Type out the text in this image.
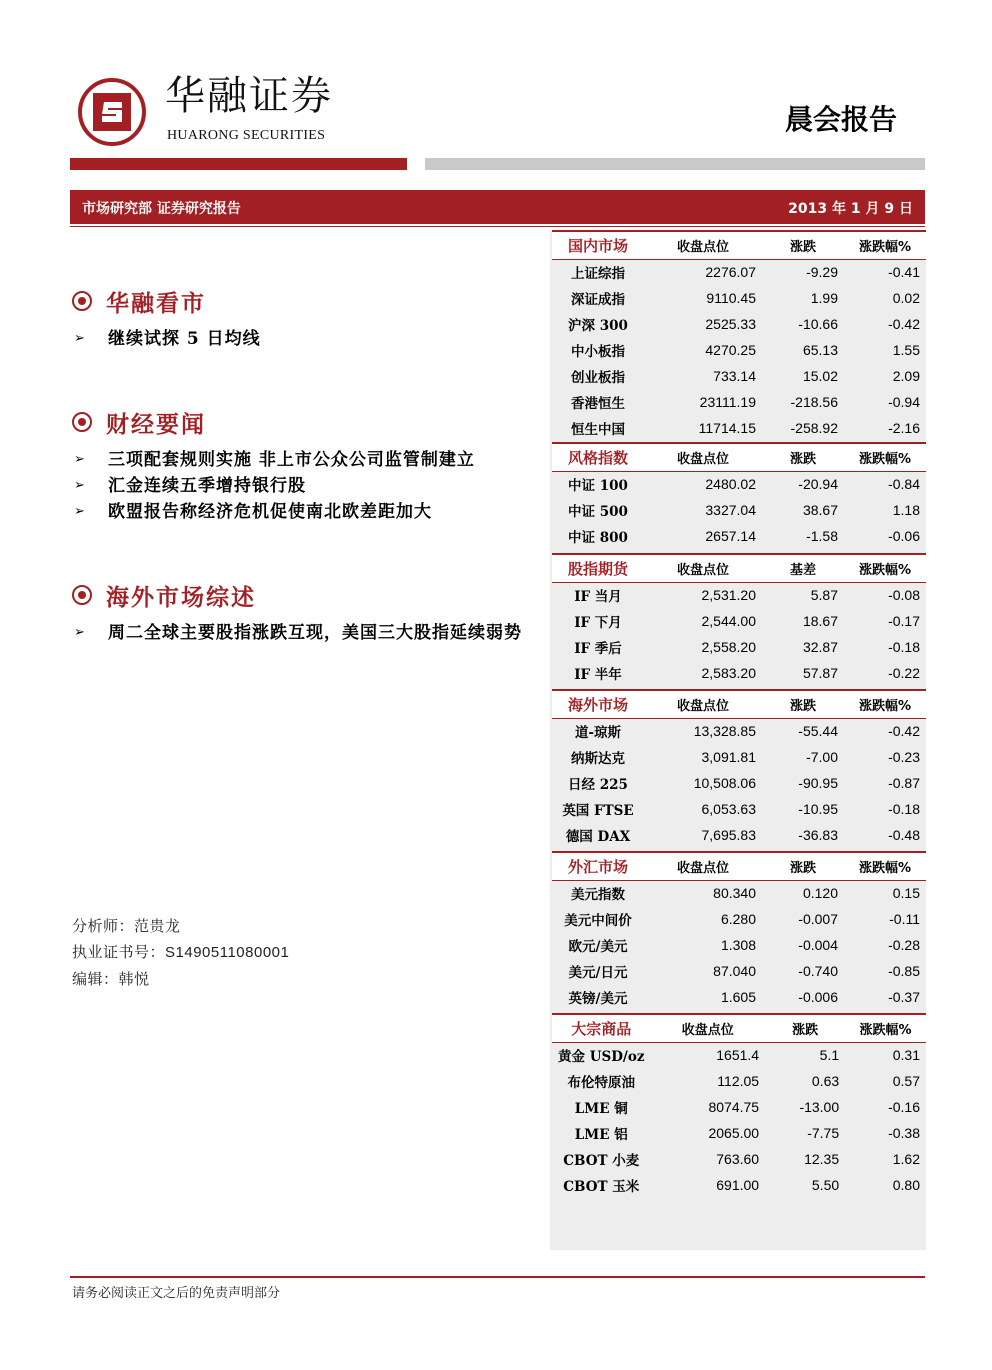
华融证券
HUARONG SECURITIES	晨会报告
市场研究部 证券研究报告	2013 年 1 月 9 日
华融看市
➢ 继续试探 5 日均线
财经要闻
➢ 三项配套规则实施 非上市公众公司监管制建立
➢ 汇金连续五季增持银行股
➢ 欧盟报告称经济危机促使南北欧差距加大
海外市场综述
➢ 周二全球主要股指涨跌互现，美国三大股指延续弱势
分析师：范贵龙
执业证书号：S1490511080001
编辑：韩悦
国内市场	收盘点位	涨跌	涨跌幅%
上证综指	2276.07	-9.29	-0.41
深证成指	9110.45	1.99	0.02
沪深 300	2525.33	-10.66	-0.42
中小板指	4270.25	65.13	1.55
创业板指	733.14	15.02	2.09
香港恒生	23111.19	-218.56	-0.94
恒生中国	11714.15	-258.92	-2.16
风格指数	收盘点位	涨跌	涨跌幅%
中证 100	2480.02	-20.94	-0.84
中证 500	3327.04	38.67	1.18
中证 800	2657.14	-1.58	-0.06
股指期货	收盘点位	基差	涨跌幅%
IF 当月	2,531.20	5.87	-0.08
IF 下月	2,544.00	18.67	-0.17
IF 季后	2,558.20	32.87	-0.18
IF 半年	2,583.20	57.87	-0.22
海外市场	收盘点位	涨跌	涨跌幅%
道-琼斯	13,328.85	-55.44	-0.42
纳斯达克	3,091.81	-7.00	-0.23
日经 225	10,508.06	-90.95	-0.87
英国 FTSE	6,053.63	-10.95	-0.18
德国 DAX	7,695.83	-36.83	-0.48
外汇市场	收盘点位	涨跌	涨跌幅%
美元指数	80.340	0.120	0.15
美元中间价	6.280	-0.007	-0.11
欧元/美元	1.308	-0.004	-0.28
美元/日元	87.040	-0.740	-0.85
英镑/美元	1.605	-0.006	-0.37
大宗商品	收盘点位	涨跌	涨跌幅%
黄金 USD/oz	1651.4	5.1	0.31
布伦特原油	112.05	0.63	0.57
LME 铜	8074.75	-13.00	-0.16
LME 铝	2065.00	-7.75	-0.38
CBOT 小麦	763.60	12.35	1.62
CBOT 玉米	691.00	5.50	0.80
请务必阅读正文之后的免责声明部分
